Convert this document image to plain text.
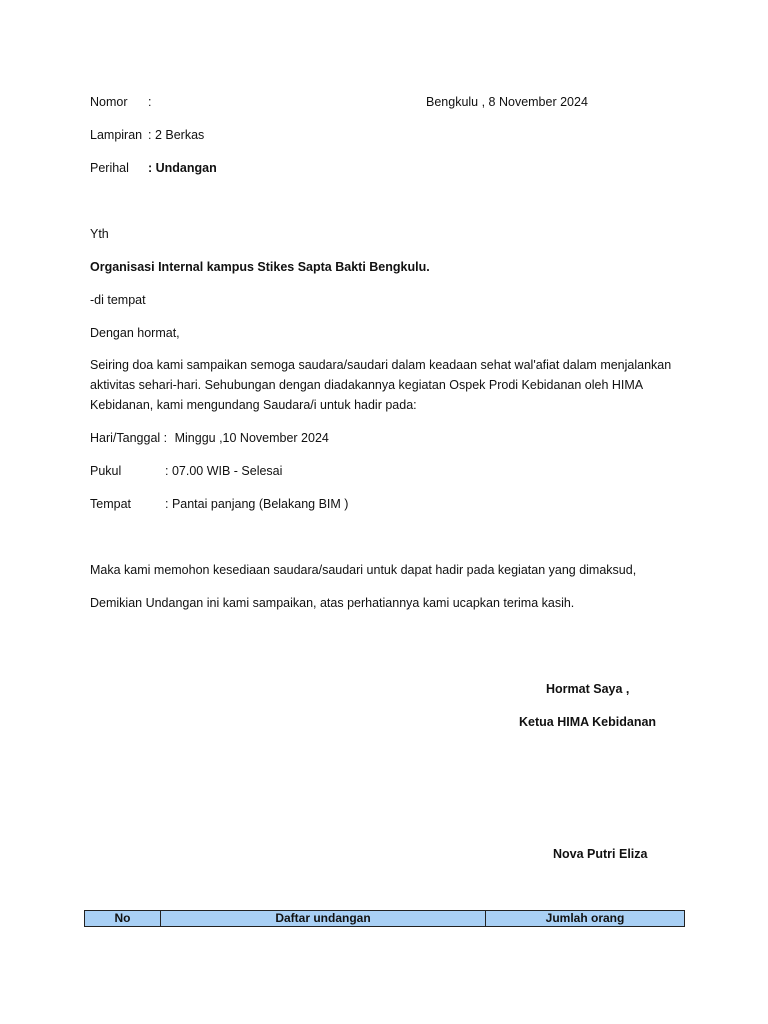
Nomor :	Bengkulu , 8 November 2024
Lampiran : 2 Berkas
Perihal : Undangan
Yth
Organisasi Internal kampus Stikes Sapta Bakti Bengkulu.
-di tempat
Dengan hormat,
Seiring doa kami sampaikan semoga saudara/saudari dalam keadaan sehat wal'afiat dalam menjalankan aktivitas sehari-hari. Sehubungan dengan diadakannya kegiatan Ospek Prodi Kebidanan oleh HIMA Kebidanan, kami mengundang Saudara/i untuk hadir pada:
Hari/Tanggal : Minggu ,10 November 2024
Pukul	: 07.00 WIB - Selesai
Tempat	: Pantai panjang (Belakang BIM )
Maka kami memohon kesediaan saudara/saudari untuk dapat hadir pada kegiatan yang dimaksud,
Demikian Undangan ini kami sampaikan, atas perhatiannya kami ucapkan terima kasih.
Hormat Saya ,
Ketua HIMA Kebidanan
Nova Putri Eliza
No	Daftar undangan	Jumlah orang
